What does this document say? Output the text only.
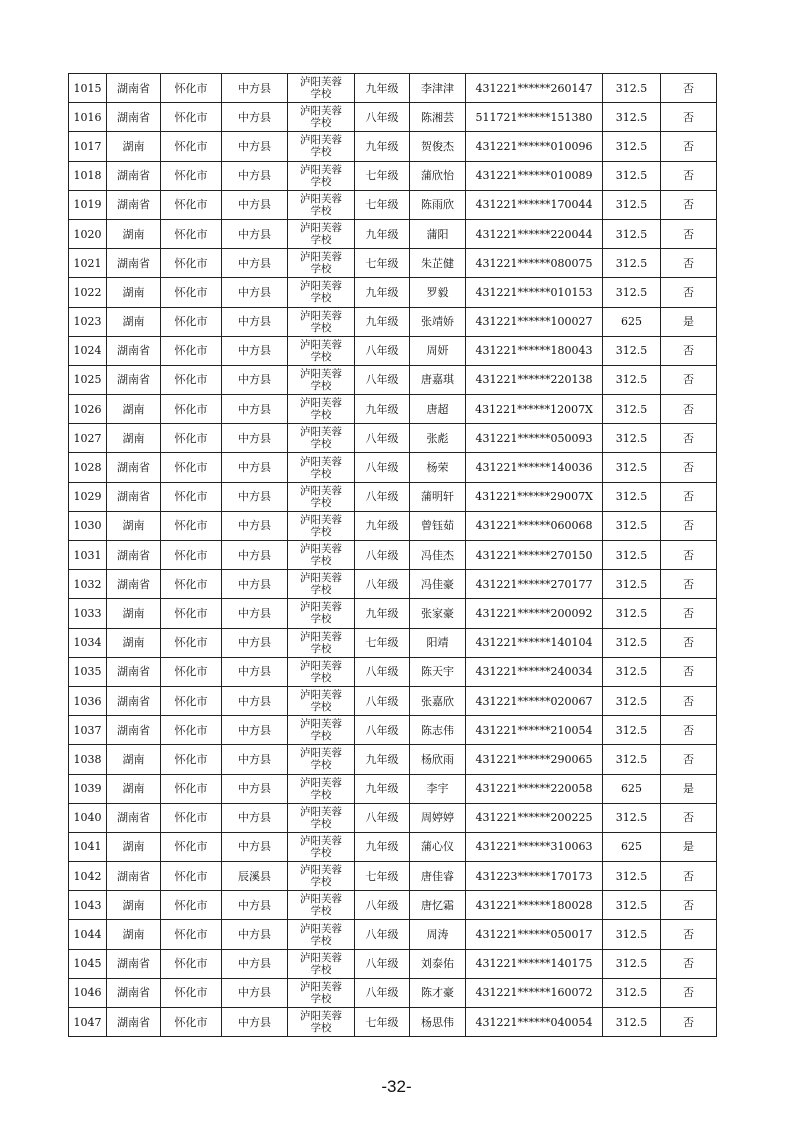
1015	湖南省	怀化市	中方县	泸阳芙蓉学校	九年级	李津津	431221******260147	312.5	否
1016	湖南省	怀化市	中方县	泸阳芙蓉学校	八年级	陈湘芸	511721******151380	312.5	否
1017	湖南	怀化市	中方县	泸阳芙蓉学校	九年级	贺俊杰	431221******010096	312.5	否
1018	湖南省	怀化市	中方县	泸阳芙蓉学校	七年级	蒲欣怡	431221******010089	312.5	否
1019	湖南省	怀化市	中方县	泸阳芙蓉学校	七年级	陈雨欣	431221******170044	312.5	否
1020	湖南	怀化市	中方县	泸阳芙蓉学校	九年级	蒲阳	431221******220044	312.5	否
1021	湖南省	怀化市	中方县	泸阳芙蓉学校	七年级	朱芷健	431221******080075	312.5	否
1022	湖南	怀化市	中方县	泸阳芙蓉学校	九年级	罗毅	431221******010153	312.5	否
1023	湖南	怀化市	中方县	泸阳芙蓉学校	九年级	张靖娇	431221******100027	625	是
1024	湖南省	怀化市	中方县	泸阳芙蓉学校	八年级	周妍	431221******180043	312.5	否
1025	湖南省	怀化市	中方县	泸阳芙蓉学校	八年级	唐嘉琪	431221******220138	312.5	否
1026	湖南	怀化市	中方县	泸阳芙蓉学校	九年级	唐超	431221******12007X	312.5	否
1027	湖南	怀化市	中方县	泸阳芙蓉学校	八年级	张彪	431221******050093	312.5	否
1028	湖南省	怀化市	中方县	泸阳芙蓉学校	八年级	杨荣	431221******140036	312.5	否
1029	湖南省	怀化市	中方县	泸阳芙蓉学校	八年级	蒲明轩	431221******29007X	312.5	否
1030	湖南	怀化市	中方县	泸阳芙蓉学校	九年级	曾钰茹	431221******060068	312.5	否
1031	湖南省	怀化市	中方县	泸阳芙蓉学校	八年级	冯佳杰	431221******270150	312.5	否
1032	湖南省	怀化市	中方县	泸阳芙蓉学校	八年级	冯佳豪	431221******270177	312.5	否
1033	湖南	怀化市	中方县	泸阳芙蓉学校	九年级	张家豪	431221******200092	312.5	否
1034	湖南	怀化市	中方县	泸阳芙蓉学校	七年级	阳靖	431221******140104	312.5	否
1035	湖南省	怀化市	中方县	泸阳芙蓉学校	八年级	陈天宇	431221******240034	312.5	否
1036	湖南省	怀化市	中方县	泸阳芙蓉学校	八年级	张嘉欣	431221******020067	312.5	否
1037	湖南省	怀化市	中方县	泸阳芙蓉学校	八年级	陈志伟	431221******210054	312.5	否
1038	湖南	怀化市	中方县	泸阳芙蓉学校	九年级	杨欣雨	431221******290065	312.5	否
1039	湖南	怀化市	中方县	泸阳芙蓉学校	九年级	李宇	431221******220058	625	是
1040	湖南省	怀化市	中方县	泸阳芙蓉学校	八年级	周婷婷	431221******200225	312.5	否
1041	湖南	怀化市	中方县	泸阳芙蓉学校	九年级	蒲心仪	431221******310063	625	是
1042	湖南省	怀化市	辰溪县	泸阳芙蓉学校	七年级	唐佳睿	431223******170173	312.5	否
1043	湖南	怀化市	中方县	泸阳芙蓉学校	八年级	唐忆霜	431221******180028	312.5	否
1044	湖南	怀化市	中方县	泸阳芙蓉学校	八年级	周涛	431221******050017	312.5	否
1045	湖南省	怀化市	中方县	泸阳芙蓉学校	八年级	刘泰佑	431221******140175	312.5	否
1046	湖南省	怀化市	中方县	泸阳芙蓉学校	八年级	陈才豪	431221******160072	312.5	否
1047	湖南省	怀化市	中方县	泸阳芙蓉学校	七年级	杨思伟	431221******040054	312.5	否
-32-
